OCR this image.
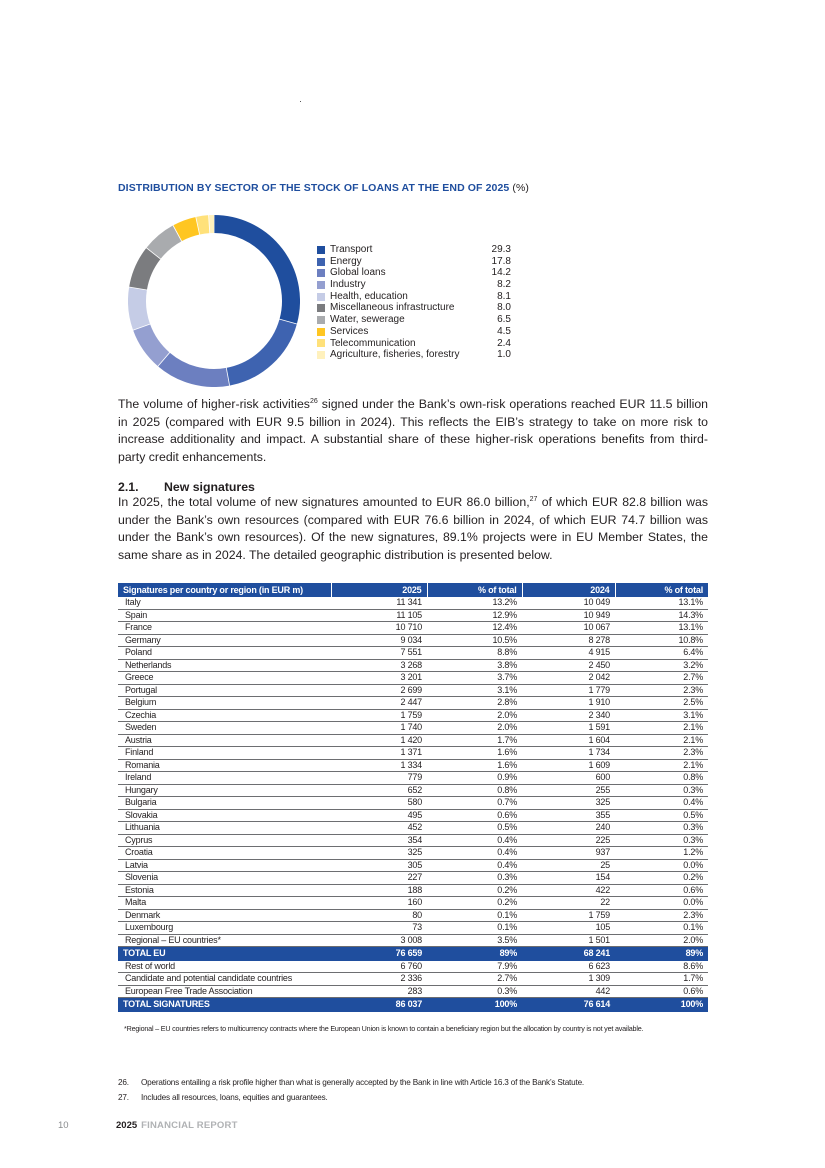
DISTRIBUTION BY SECTOR OF THE STOCK OF LOANS AT THE END OF 2025 (%)
Transport	29.3
Energy	17.8
Global loans	14.2
Industry	8.2
Health, education	8.1
Miscellaneous infrastructure	8.0
Water, sewerage	6.5
Services	4.5
Telecommunication	2.4
Agriculture, fisheries, forestry	1.0
The volume of higher-risk activities$^{26}$ signed under the Bank’s own-risk operations reached EUR 11.5 billion in 2025 (compared with EUR 9.5 billion in 2024). This reflects the EIB’s strategy to take on more risk to increase additionality and impact. A substantial share of these higher-risk operations benefits from third-party credit enhancements.
2.1. New signatures
In 2025, the total volume of new signatures amounted to EUR 86.0 billion,$^{27}$ of which EUR 82.8 billion was under the Bank’s own resources (compared with EUR 76.6 billion in 2024, of which EUR 74.7 billion was under the Bank’s own resources). Of the new signatures, 89.1% projects were in EU Member States, the same share as in 2024. The detailed geographic distribution is presented below.
Signatures per country or region (in EUR m)	2025	% of total	2024	% of total
Italy	11 341	13.2%	10 049	13.1%
Spain	11 105	12.9%	10 949	14.3%
France	10 710	12.4%	10 067	13.1%
Germany	9 034	10.5%	8 278	10.8%
Poland	7 551	8.8%	4 915	6.4%
Netherlands	3 268	3.8%	2 450	3.2%
Greece	3 201	3.7%	2 042	2.7%
Portugal	2 699	3.1%	1 779	2.3%
Belgium	2 447	2.8%	1 910	2.5%
Czechia	1 759	2.0%	2 340	3.1%
Sweden	1 740	2.0%	1 591	2.1%
Austria	1 420	1.7%	1 604	2.1%
Finland	1 371	1.6%	1 734	2.3%
Romania	1 334	1.6%	1 609	2.1%
Ireland	779	0.9%	600	0.8%
Hungary	652	0.8%	255	0.3%
Bulgaria	580	0.7%	325	0.4%
Slovakia	495	0.6%	355	0.5%
Lithuania	452	0.5%	240	0.3%
Cyprus	354	0.4%	225	0.3%
Croatia	325	0.4%	937	1.2%
Latvia	305	0.4%	25	0.0%
Slovenia	227	0.3%	154	0.2%
Estonia	188	0.2%	422	0.6%
Malta	160	0.2%	22	0.0%
Denmark	80	0.1%	1 759	2.3%
Luxembourg	73	0.1%	105	0.1%
Regional – EU countries*	3 008	3.5%	1 501	2.0%
TOTAL EU	76 659	89%	68 241	89%
Rest of world	6 760	7.9%	6 623	8.6%
Candidate and potential candidate countries	2 336	2.7%	1 309	1.7%
European Free Trade Association	283	0.3%	442	0.6%
TOTAL SIGNATURES	86 037	100%	76 614	100%
*Regional – EU countries refers to multicurrency contracts where the European Union is known to contain a beneficiary region but the allocation by country is not yet available.
26.	Operations entailing a risk profile higher than what is generally accepted by the Bank in line with Article 16.3 of the Bank’s Statute.
27.	Includes all resources, loans, equities and guarantees.
10	2025 FINANCIAL REPORT
